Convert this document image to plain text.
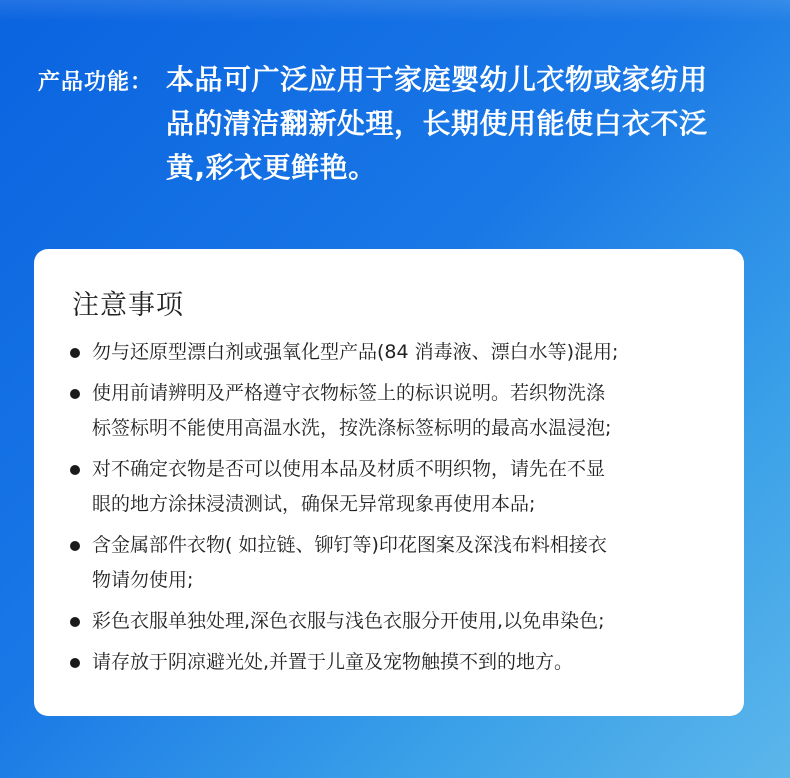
产品功能： 本品可广泛应用于家庭婴幼儿衣物或家纺用
品的清洁翻新处理，长期使用能使白衣不泛
黄,彩衣更鲜艳。
注意事项
勿与还原型漂白剂或强氧化型产品(84 消毒液、漂白水等)混用;
使用前请辨明及严格遵守衣物标签上的标识说明。若织物洗涤
标签标明不能使用高温水洗，按洗涤标签标明的最高水温浸泡;
对不确定衣物是否可以使用本品及材质不明织物，请先在不显
眼的地方涂抹浸渍测试，确保无异常现象再使用本品;
含金属部件衣物( 如拉链、铆钉等)印花图案及深浅布料相接衣
物请勿使用;
彩色衣服单独处理,深色衣服与浅色衣服分开使用,以免串染色;
请存放于阴凉避光处,并置于儿童及宠物触摸不到的地方。
